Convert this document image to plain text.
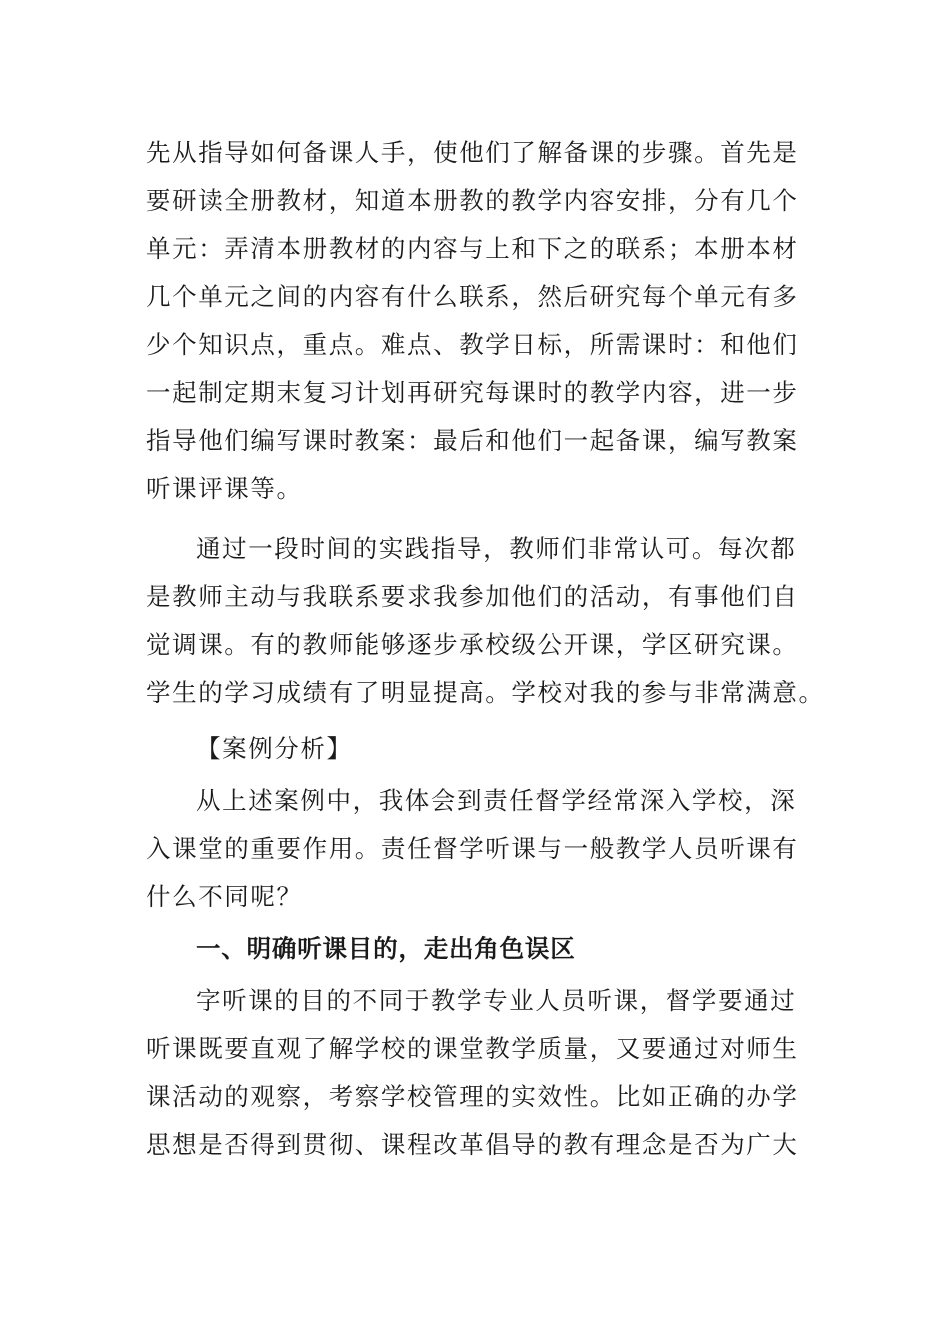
先从指导如何备课人手，使他们了解备课的步骤。首先是
要研读全册教材，知道本册教的教学内容安排，分有几个
单元：弄清本册教材的内容与上和下之的联系；本册本材
几个单元之间的内容有什么联系，然后研究每个单元有多
少个知识点，重点。难点、教学日标，所需课时：和他们
一起制定期末复习计划再研究每课时的教学内容，进一步
指导他们编写课时教案：最后和他们一起备课，编写教案
听课评课等。
通过一段时间的实践指导，教师们非常认可。每次都
是教师主动与我联系要求我参加他们的活动，有事他们自
觉调课。有的教师能够逐步承校级公开课，学区研究课。
学生的学习成绩有了明显提高。学校对我的参与非常满意。
【案例分析】
从上述案例中，我体会到责任督学经常深入学校，深
入课堂的重要作用。责任督学听课与一般教学人员听课有
什么不同呢？
一、明确听课目的，走出角色误区
字听课的目的不同于教学专业人员听课，督学要通过
听课既要直观了解学校的课堂教学质量，又要通过对师生
课活动的观察，考察学校管理的实效性。比如正确的办学
思想是否得到贯彻、课程改革倡导的教有理念是否为广大
